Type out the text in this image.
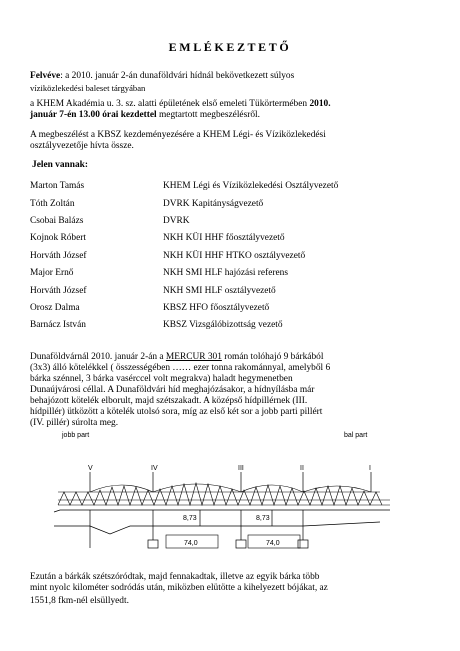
EMLÉKEZTETŐ
Felvéve: a 2010. január 2-án dunaföldvári hídnál bekövetkezett súlyos
víziközlekedési baleset tárgyában
a KHEM Akadémia u. 3. sz. alatti épületének első emeleti Tükörtermében 2010.
január 7-én 13.00 órai kezdettel megtartott megbeszélésről.
A megbeszélést a KBSZ kezdeményezésére a KHEM Légi- és Víziközlekedési
osztályvezetője hívta össze.
Jelen vannak:
Marton Tamás	KHEM Légi és Víziközlekedési Osztályvezető
Tóth Zoltán	DVRK Kapitányságvezető
Csobai Balázs	DVRK
Kojnok Róbert	NKH KÜI HHF főosztályvezető
Horváth József	NKH KÜI HHF HTKO osztályvezető
Major Ernő	NKH SMI HLF hajózási referens
Horváth József	NKH SMI HLF osztályvezető
Orosz Dalma	KBSZ HFO főosztályvezető
Barnácz István	KBSZ Vizsgálóbizottság vezető
Dunaföldvárnál 2010. január 2-án a MERCUR 301 román tolóhajó 9 bárkából
(3x3) álló kötelékkel ( összességében …… ezer tonna rakománnyal, amelyből 6
bárka szénnel, 3 bárka vasérccel volt megrakva) haladt hegymenetben
Dunaújvárosi céllal. A Dunaföldvári híd meghajózásakor, a hídnyílásba már
behajózott kötelék elborult, majd szétszakadt. A középső hídpillérnek (III.
hídpillér) ütközött a kötelék utolsó sora, míg az első két sor a jobb parti pillért
(IV. pillér) súrolta meg.
jobb part	bal part
V	IV	III	II	I
8,73	8,73
74,0	74,0
Ezután a bárkák szétszóródtak, majd fennakadtak, illetve az egyik bárka több
mint nyolc kilométer sodródás után, miközben elütötte a kihelyezett bójákat, az
1551,8 fkm-nél elsüllyedt.
